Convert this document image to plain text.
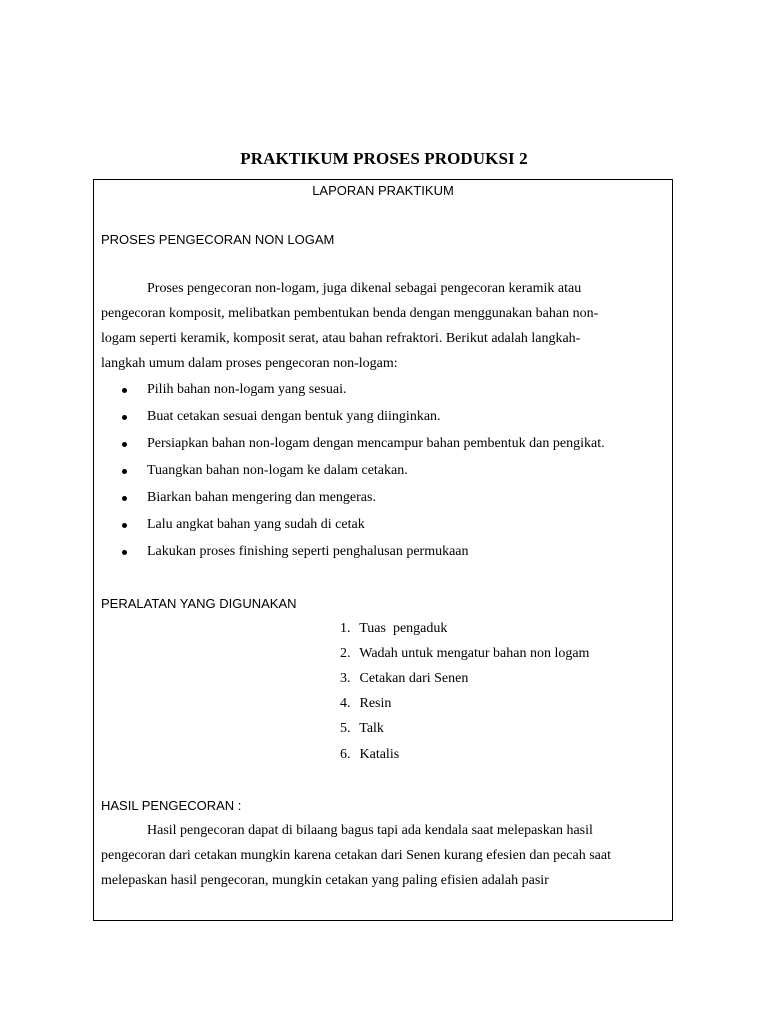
PRAKTIKUM PROSES PRODUKSI 2
LAPORAN PRAKTIKUM
PROSES PENGECORAN NON LOGAM
Proses pengecoran non-logam, juga dikenal sebagai pengecoran keramik atau
pengecoran komposit, melibatkan pembentukan benda dengan menggunakan bahan non-
logam seperti keramik, komposit serat, atau bahan refraktori. Berikut adalah langkah-
langkah umum dalam proses pengecoran non-logam:
Pilih bahan non-logam yang sesuai.
Buat cetakan sesuai dengan bentuk yang diinginkan.
Persiapkan bahan non-logam dengan mencampur bahan pembentuk dan pengikat.
Tuangkan bahan non-logam ke dalam cetakan.
Biarkan bahan mengering dan mengeras.
Lalu angkat bahan yang sudah di cetak
Lakukan proses finishing seperti penghalusan permukaan
PERALATAN YANG DIGUNAKAN
1. Tuas  pengaduk
2. Wadah untuk mengatur bahan non logam
3. Cetakan dari Senen
4. Resin
5. Talk
6. Katalis
HASIL PENGECORAN :
Hasil pengecoran dapat di bilaang bagus tapi ada kendala saat melepaskan hasil
pengecoran dari cetakan mungkin karena cetakan dari Senen kurang efesien dan pecah saat
melepaskan hasil pengecoran, mungkin cetakan yang paling efisien adalah pasir
